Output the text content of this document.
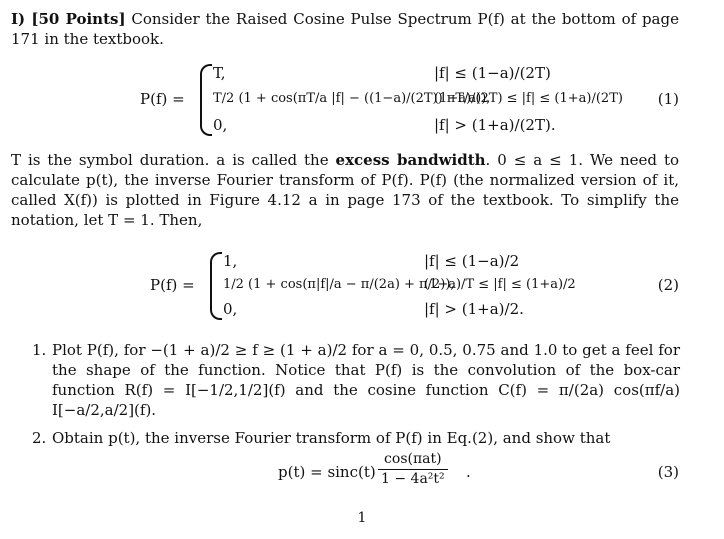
I) [50 Points] Consider the Raised Cosine Pulse Spectrum P(f) at the bottom of page 171 in the textbook.
P(f) =
T,	|f| ≤ (1−a)/(2T)
T/2 (1 + cos(πT/a |f| − ((1−a)/(2T)) πT/a)),
(1−a)/(2T) ≤ |f| ≤ (1+a)/(2T)
0,	|f| > (1+a)/(2T).
(1)
T is the symbol duration. a is called the excess bandwidth. 0 ≤ a ≤ 1. We need to calculate p(t), the inverse Fourier transform of P(f). P(f) (the normalized version of it, called X(f)) is plotted in Figure 4.12 a in page 173 of the textbook. To simplify the notation, let T = 1. Then,
P(f) =
1,	|f| ≤ (1−a)/2
1/2 (1 + cos(π|f|/a − π/(2a) + π/2)),
(1−a)/T ≤ |f| ≤ (1+a)/2
0,	|f| > (1+a)/2.
(2)
1. Plot P(f), for −(1 + a)/2 ≥ f ≥ (1 + a)/2 for a = 0, 0.5, 0.75 and 1.0 to get a feel for the shape of the function. Notice that P(f) is the convolution of the box-car function R(f) = I[−1/2,1/2](f) and the cosine function C(f) = π/(2a) cos(πf/a) I[−a/2,a/2](f).
2. Obtain p(t), the inverse Fourier transform of P(f) in Eq.(2), and show that
p(t) = sinc(t)
cos(πat)
1 − 4a²t² .	(3)
1
